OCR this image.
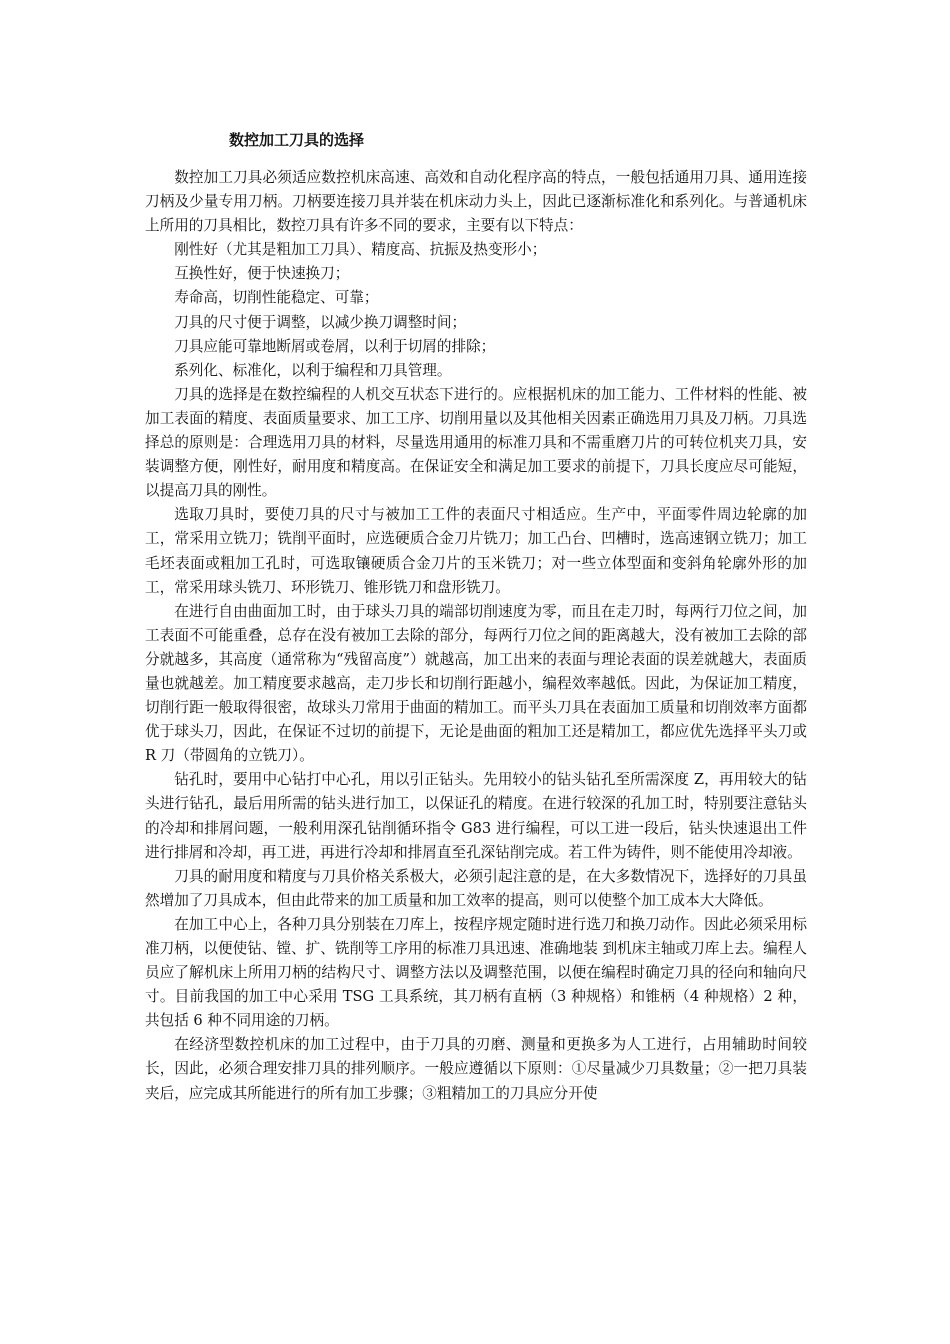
数控加工刀具的选择

数控加工刀具必须适应数控机床高速、高效和自动化程序高的特点，一般包括通用刀具、通用连接刀柄及少量专用刀柄。刀柄要连接刀具并装在机床动力头上，因此已逐渐标准化和系列化。与普通机床上所用的刀具相比，数控刀具有许多不同的要求，主要有以下特点：

刚性好（尤其是粗加工刀具）、精度高、抗振及热变形小；

互换性好，便于快速换刀；

寿命高，切削性能稳定、可靠；

刀具的尺寸便于调整，以减少换刀调整时间；

刀具应能可靠地断屑或卷屑，以利于切屑的排除；

系列化、标准化，以利于编程和刀具管理。

刀具的选择是在数控编程的人机交互状态下进行的。应根据机床的加工能力、工件材料的性能、被加工表面的精度、表面质量要求、加工工序、切削用量以及其他相关因素正确选用刀具及刀柄。刀具选择总的原则是：合理选用刀具的材料，尽量选用通用的标准刀具和不需重磨刀片的可转位机夹刀具，安装调整方便，刚性好，耐用度和精度高。在保证安全和满足加工要求的前提下，刀具长度应尽可能短，以提高刀具的刚性。

选取刀具时，要使刀具的尺寸与被加工工件的表面尺寸相适应。生产中，平面零件周边轮廓的加工，常采用立铣刀；铣削平面时，应选硬质合金刀片铣刀；加工凸台、凹槽时，选高速钢立铣刀；加工毛坯表面或粗加工孔时，可选取镶硬质合金刀片的玉米铣刀；对一些立体型面和变斜角轮廓外形的加工，常采用球头铣刀、环形铣刀、锥形铣刀和盘形铣刀。

在进行自由曲面加工时，由于球头刀具的端部切削速度为零，而且在走刀时，每两行刀位之间，加工表面不可能重叠，总存在没有被加工去除的部分，每两行刀位之间的距离越大，没有被加工去除的部分就越多，其高度（通常称为“残留高度”）就越高，加工出来的表面与理论表面的误差就越大，表面质量也就越差。加工精度要求越高，走刀步长和切削行距越小，编程效率越低。因此，为保证加工精度，切削行距一般取得很密，故球头刀常用于曲面的精加工。而平头刀具在表面加工质量和切削效率方面都优于球头刀，因此，在保证不过切的前提下，无论是曲面的粗加工还是精加工，都应优先选择平头刀或 R 刀（带圆角的立铣刀）。

钻孔时，要用中心钻打中心孔，用以引正钻头。先用较小的钻头钻孔至所需深度 Z，再用较大的钻头进行钻孔，最后用所需的钻头进行加工，以保证孔的精度。在进行较深的孔加工时，特别要注意钻头的冷却和排屑问题，一般利用深孔钻削循环指令 G83 进行编程，可以工进一段后，钻头快速退出工件进行排屑和冷却，再工进，再进行冷却和排屑直至孔深钻削完成。若工件为铸件，则不能使用冷却液。

刀具的耐用度和精度与刀具价格关系极大，必须引起注意的是，在大多数情况下，选择好的刀具虽然增加了刀具成本，但由此带来的加工质量和加工效率的提高，则可以使整个加工成本大大降低。

在加工中心上，各种刀具分别装在刀库上，按程序规定随时进行选刀和换刀动作。因此必须采用标准刀柄，以便使钻、镗、扩、铣削等工序用的标准刀具迅速、准确地装 到机床主轴或刀库上去。编程人员应了解机床上所用刀柄的结构尺寸、调整方法以及调整范围，以便在编程时确定刀具的径向和轴向尺寸。目前我国的加工中心采用 TSG 工具系统，其刀柄有直柄（3 种规格）和锥柄（4 种规格）2 种，共包括 6 种不同用途的刀柄。

在经济型数控机床的加工过程中，由于刀具的刃磨、测量和更换多为人工进行，占用辅助时间较长，因此，必须合理安排刀具的排列顺序。一般应遵循以下原则：①尽量减少刀具数量；②一把刀具装夹后，应完成其所能进行的所有加工步骤；③粗精加工的刀具应分开使
